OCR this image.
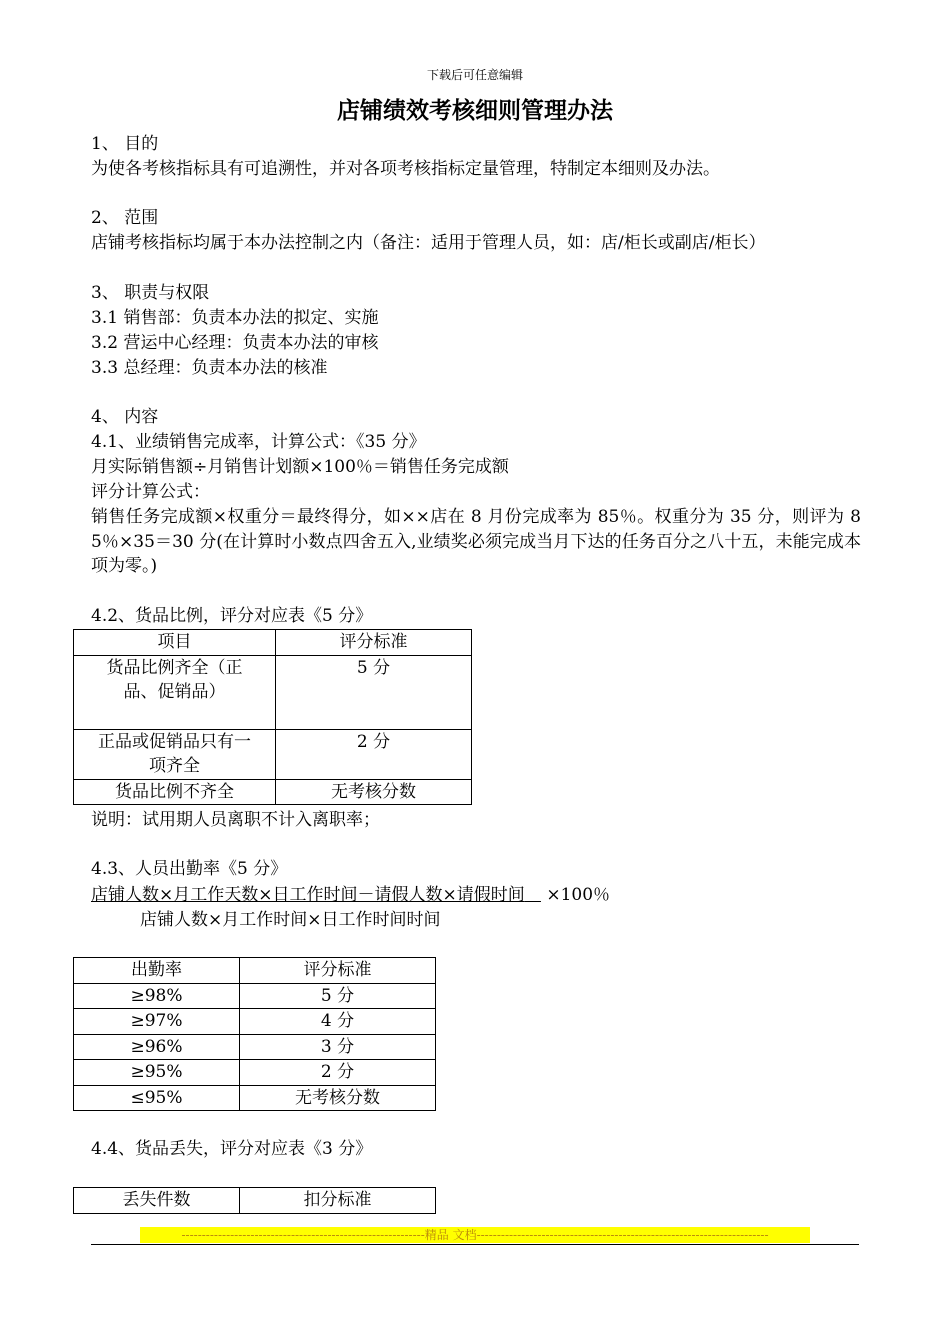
下载后可任意编辑
店铺绩效考核细则管理办法
1、 目的
为使各考核指标具有可追溯性，并对各项考核指标定量管理，特制定本细则及办法。
2、 范围
店铺考核指标均属于本办法控制之内（备注：适用于管理人员，如：店/柜长或副店/柜长）
3、 职责与权限
3.1 销售部：负责本办法的拟定、实施
3.2 营运中心经理：负责本办法的审核
3.3 总经理：负责本办法的核准
4、 内容
4.1、业绩销售完成率，计算公式：《35 分》
月实际销售额÷月销售计划额×100％＝销售任务完成额
评分计算公式：
销售任务完成额×权重分＝最终得分，如××店在 8 月份完成率为 85％。权重分为 35 分，则评为 85％×35＝30 分(在计算时小数点四舍五入,业绩奖必须完成当月下达的任务百分之八十五，未能完成本项为零。)
4.2、货品比例，评分对应表《5 分》
项目	评分标准
货品比例齐全（正品、促销品）	5 分
正品或促销品只有一项齐全	2 分
货品比例不齐全	无考核分数
说明：试用期人员离职不计入离职率；
4.3、人员出勤率《5 分》
店铺人数×月工作天数×日工作时间－请假人数×请假时间 ×100％
店铺人数×月工作时间×日工作时间时间
出勤率	评分标准
≥98%	5 分
≥97%	4 分
≥96%	3 分
≥95%	2 分
≤95%	无考核分数
4.4、货品丢失，评分对应表《3 分》
丢失件数	扣分标准
------------------------------------------------------------精品 文档------------------------------------------------------------------------
